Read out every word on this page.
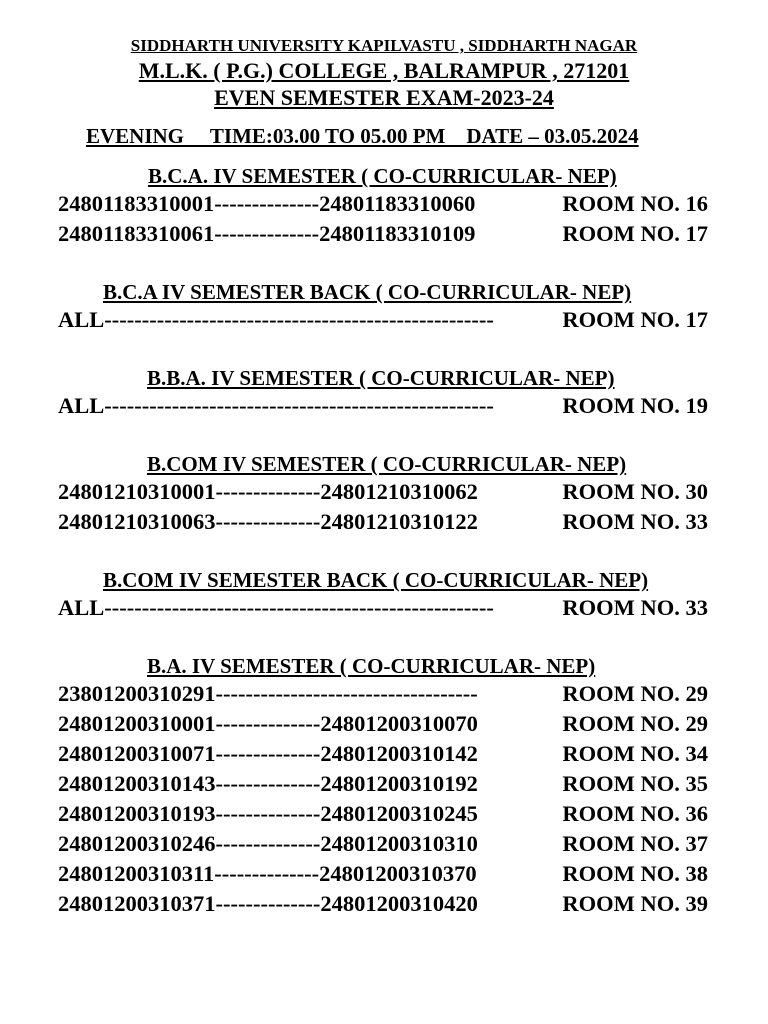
SIDDHARTH UNIVERSITY KAPILVASTU , SIDDHARTH NAGAR
M.L.K. ( P.G.) COLLEGE , BALRAMPUR , 271201
EVEN SEMESTER EXAM-2023-24
EVENING     TIME:03.00 TO 05.00 PM    DATE – 03.05.2024
B.C.A. IV SEMESTER ( CO-CURRICULAR- NEP)
24801183310001--------------24801183310060	ROOM NO. 16
24801183310061--------------24801183310109	ROOM NO. 17
B.C.A IV SEMESTER BACK ( CO-CURRICULAR- NEP)
ALL----------------------------------------------------	ROOM NO. 17
B.B.A. IV SEMESTER ( CO-CURRICULAR- NEP)
ALL----------------------------------------------------	ROOM NO. 19
B.COM IV SEMESTER ( CO-CURRICULAR- NEP)
24801210310001--------------24801210310062	ROOM NO. 30
24801210310063--------------24801210310122	ROOM NO. 33
B.COM IV SEMESTER BACK ( CO-CURRICULAR- NEP)
ALL----------------------------------------------------	ROOM NO. 33
B.A. IV SEMESTER ( CO-CURRICULAR- NEP)
23801200310291-----------------------------------	ROOM NO. 29
24801200310001--------------24801200310070	ROOM NO. 29
24801200310071--------------24801200310142	ROOM NO. 34
24801200310143--------------24801200310192	ROOM NO. 35
24801200310193--------------24801200310245	ROOM NO. 36
24801200310246--------------24801200310310	ROOM NO. 37
24801200310311--------------24801200310370	ROOM NO. 38
24801200310371--------------24801200310420	ROOM NO. 39
